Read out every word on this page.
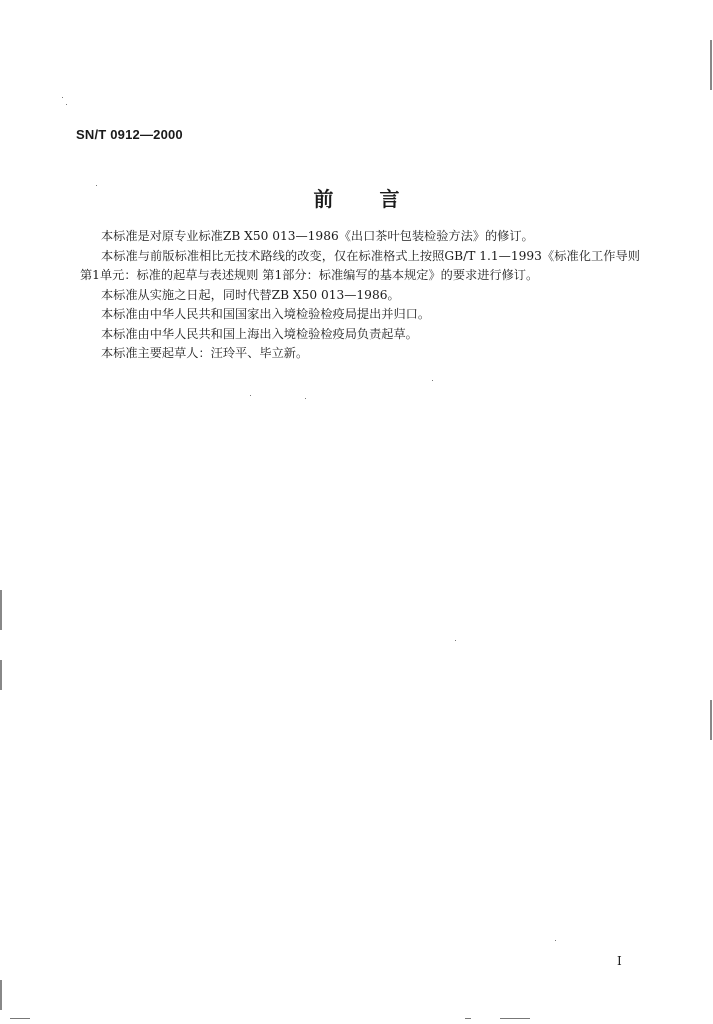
SN/T 0912—2000
前言

本标准是对原专业标准ZB X50 013—1986《出口茶叶包装检验方法》的修订。

本标准与前版标准相比无技术路线的改变，仅在标准格式上按照GB/T 1.1—1993《标准化工作导则 第1单元：标准的起草与表述规则 第1部分：标准编写的基本规定》的要求进行修订。

本标准从实施之日起，同时代替ZB X50 013—1986。

本标准由中华人民共和国国家出入境检验检疫局提出并归口。

本标准由中华人民共和国上海出入境检验检疫局负责起草。

本标准主要起草人：汪玲平、毕立新。

I
